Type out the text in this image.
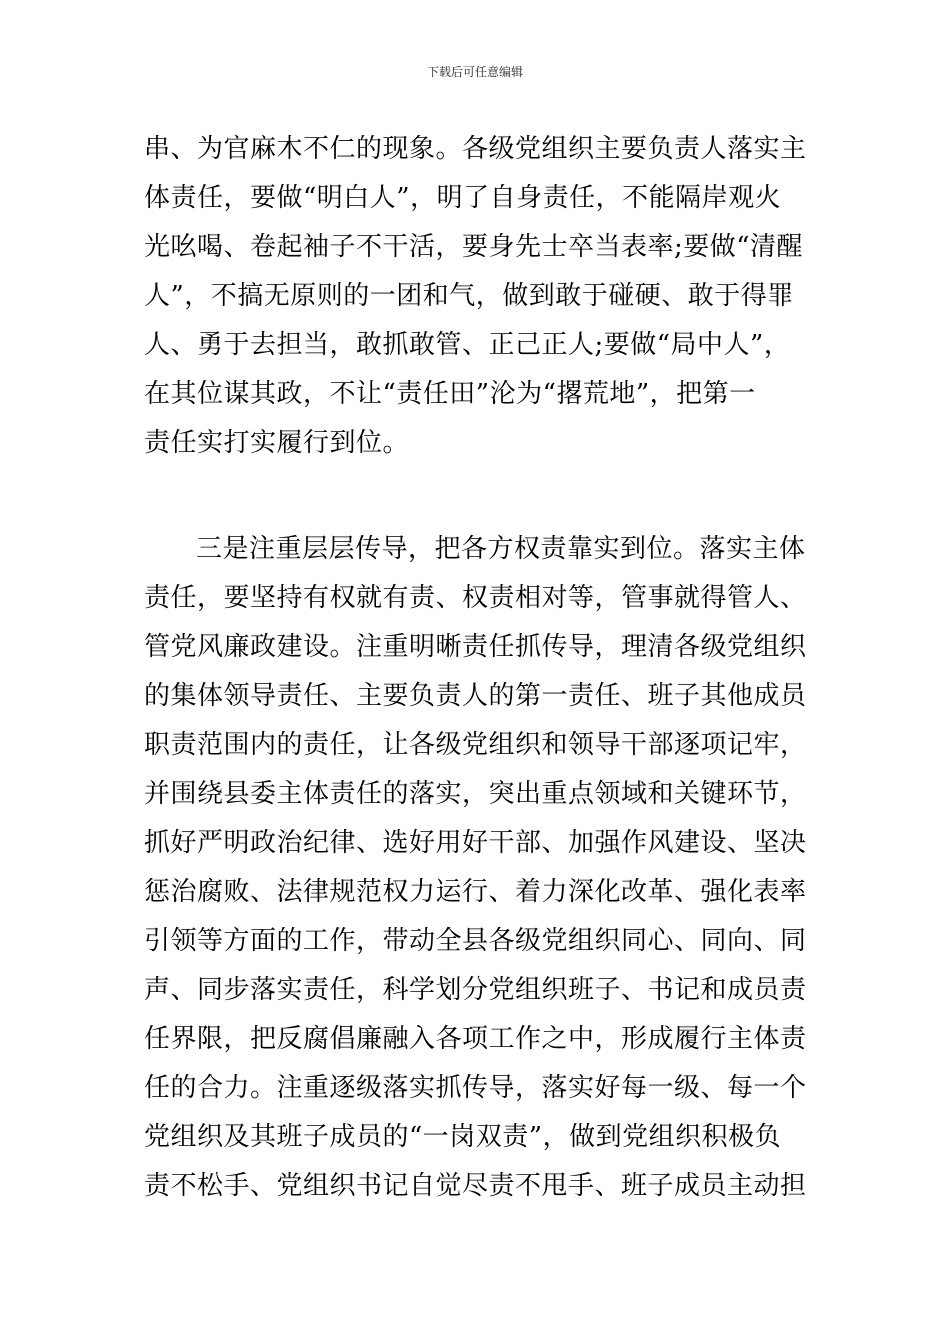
下载后可任意编辑
串、为官麻木不仁的现象。各级党组织主要负责人落实主
体责任，要做“明白人”，明了自身责任，不能隔岸观火
光吆喝、卷起袖子不干活，要身先士卒当表率;要做“清醒
人”，不搞无原则的一团和气，做到敢于碰硬、敢于得罪
人、勇于去担当，敢抓敢管、正己正人;要做“局中人”，
在其位谋其政，不让“责任田”沦为“撂荒地”，把第一
责任实打实履行到位。
三是注重层层传导，把各方权责靠实到位。落实主体
责任，要坚持有权就有责、权责相对等，管事就得管人、
管党风廉政建设。注重明晰责任抓传导，理清各级党组织
的集体领导责任、主要负责人的第一责任、班子其他成员
职责范围内的责任，让各级党组织和领导干部逐项记牢，
并围绕县委主体责任的落实，突出重点领域和关键环节，
抓好严明政治纪律、选好用好干部、加强作风建设、坚决
惩治腐败、法律规范权力运行、着力深化改革、强化表率
引领等方面的工作，带动全县各级党组织同心、同向、同
声、同步落实责任，科学划分党组织班子、书记和成员责
任界限，把反腐倡廉融入各项工作之中，形成履行主体责
任的合力。注重逐级落实抓传导，落实好每一级、每一个
党组织及其班子成员的“一岗双责”，做到党组织积极负
责不松手、党组织书记自觉尽责不甩手、班子成员主动担
